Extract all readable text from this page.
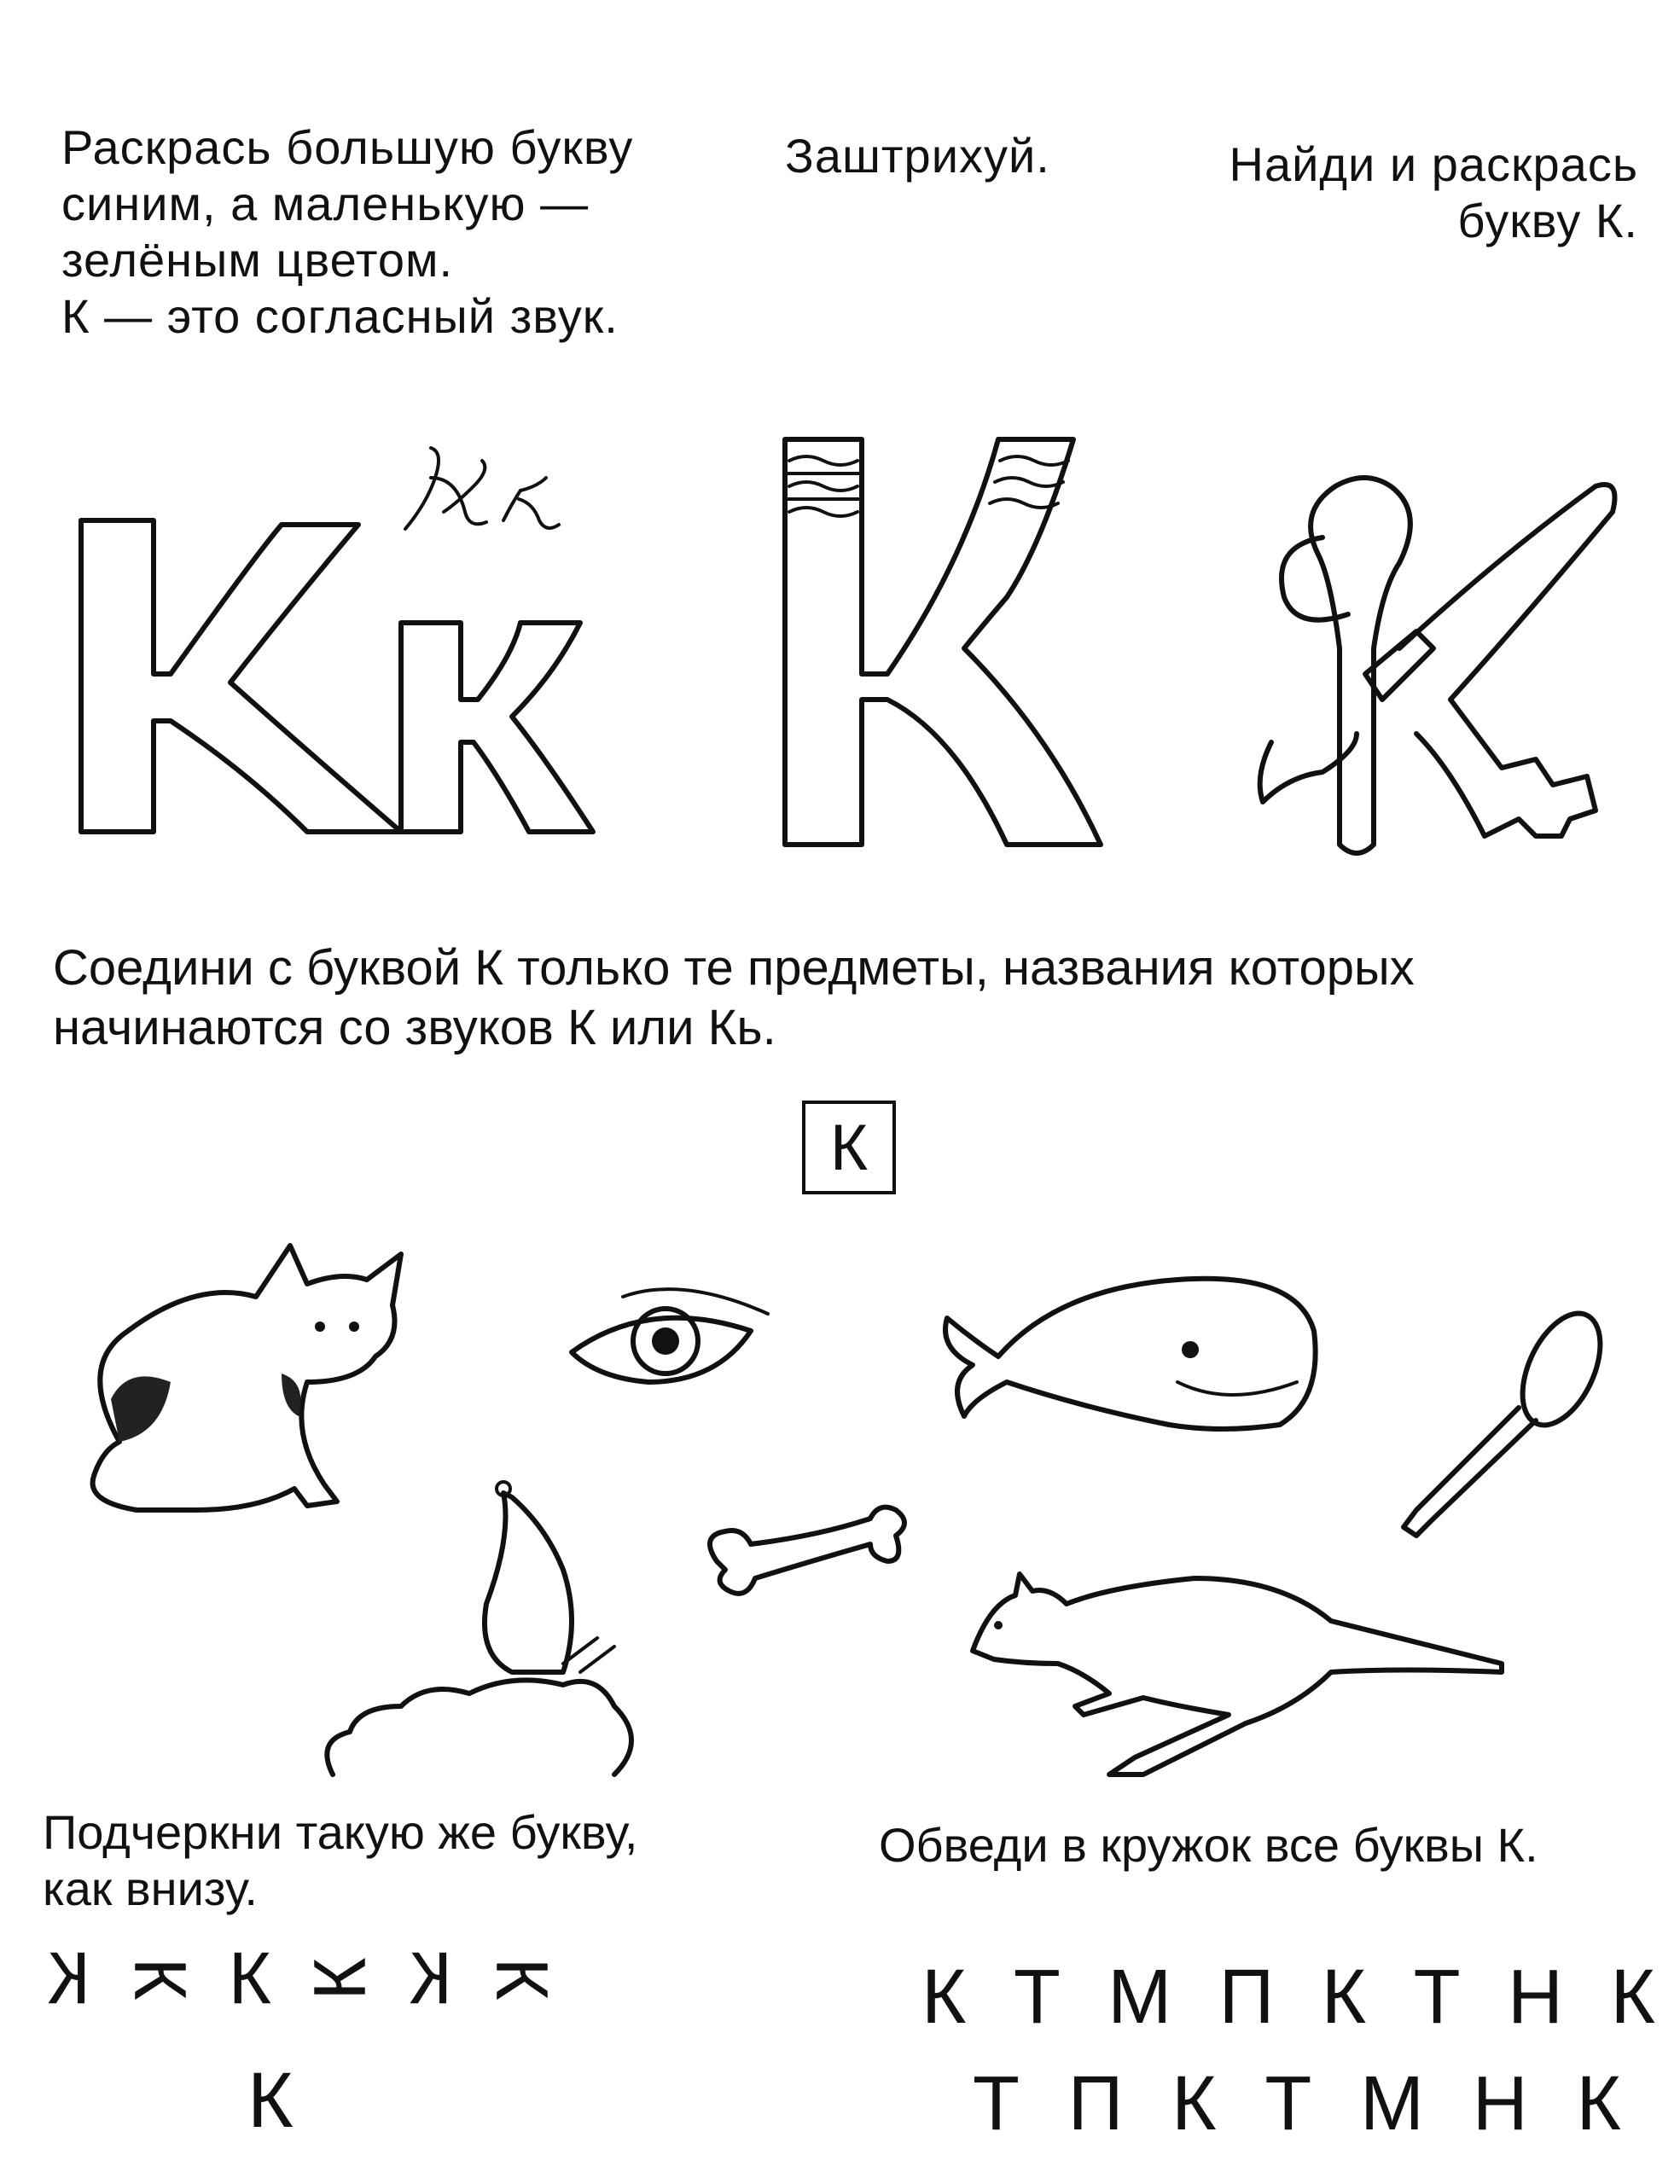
Раскрась большую букву
синим, а маленькую —
зелёным цветом.
К — это согласный звук.
Заштрихуй.	Найди и раскрась
букву К.
Соедини с буквой К только те предметы, названия которых
начинаются со звуков К или Кь.
К
Подчеркни такую же букву,
как внизу.
К К К К К К
К
Обведи в кружок все буквы К.
К Т М П К Т Н К
Т П К Т М Н К
